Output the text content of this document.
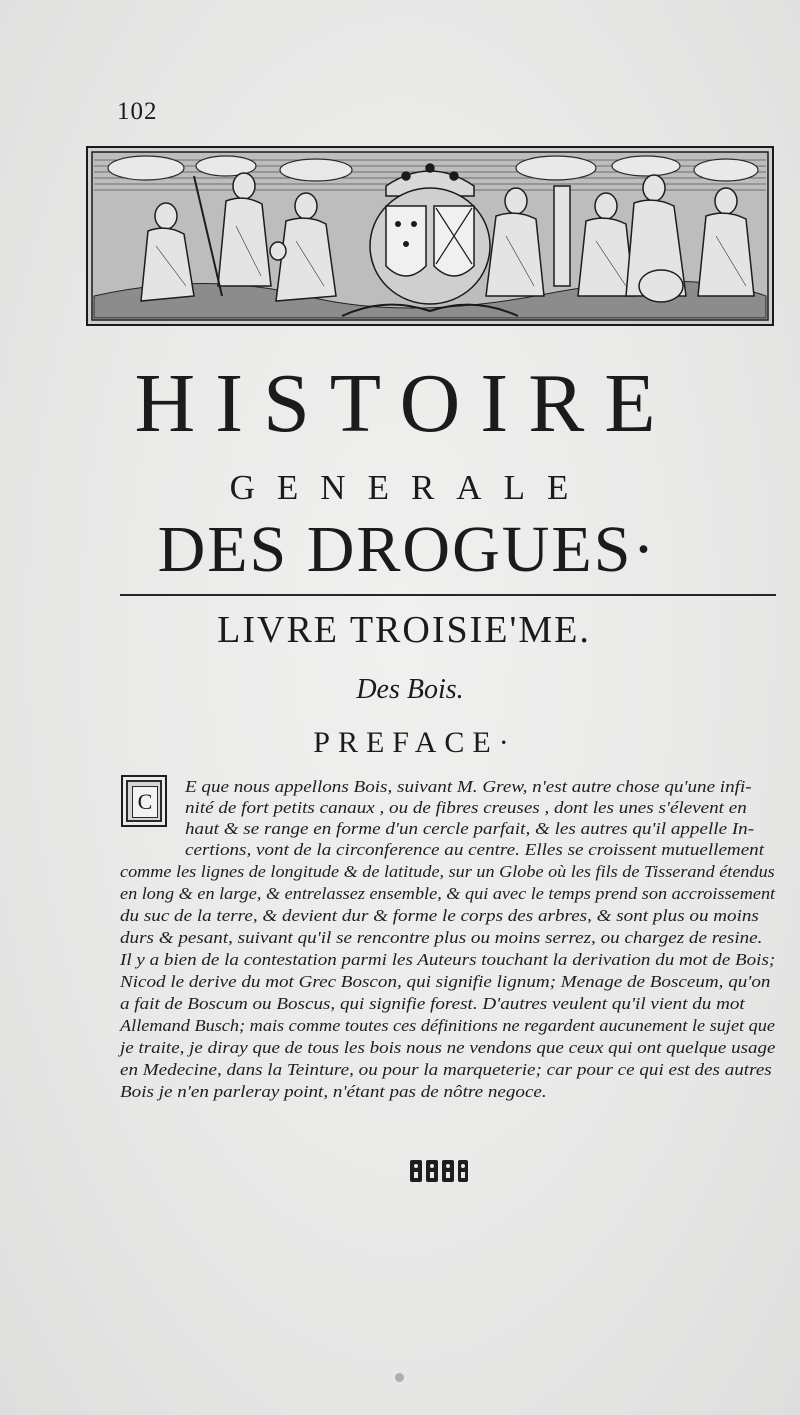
102
HISTOIRE
GENERALE
DES DROGUES·
LIVRE TROISIE'ME.
Des Bois.
PREFACE·
C
E que nous appellons Bois, suivant M. Grew, n'est autre chose qu'une infi-
nité de fort petits canaux , ou de fibres creuses , dont les unes s'élevent en
haut & se range en forme d'un cercle parfait, & les autres qu'il appelle In-
certions, vont de la circonference au centre. Elles se croissent mutuellement
comme les lignes de longitude & de latitude, sur un Globe où les fils de Tisserand étendus
en long & en large, & entrelassez ensemble, & qui avec le temps prend son accroissement
du suc de la terre, & devient dur & forme le corps des arbres, & sont plus ou moins
durs & pesant, suivant qu'il se rencontre plus ou moins serrez, ou chargez de resine.
Il y a bien de la contestation parmi les Auteurs touchant la derivation du mot de Bois;
Nicod le derive du mot Grec Boscon, qui signifie lignum; Menage de Boscеum, qu'on
a fait de Boscum ou Boscus, qui signifie forest. D'autres veulent qu'il vient du mot
Allemand Busch; mais comme toutes ces définitions ne regardent aucunement le sujet que
je traite, je diray que de tous les bois nous ne vendons que ceux qui ont quelque usage
en Medecine, dans la Teinture, ou pour la marqueterie; car pour ce qui est des autres
Bois je n'en parleray point, n'étant pas de nôtre negoce.
